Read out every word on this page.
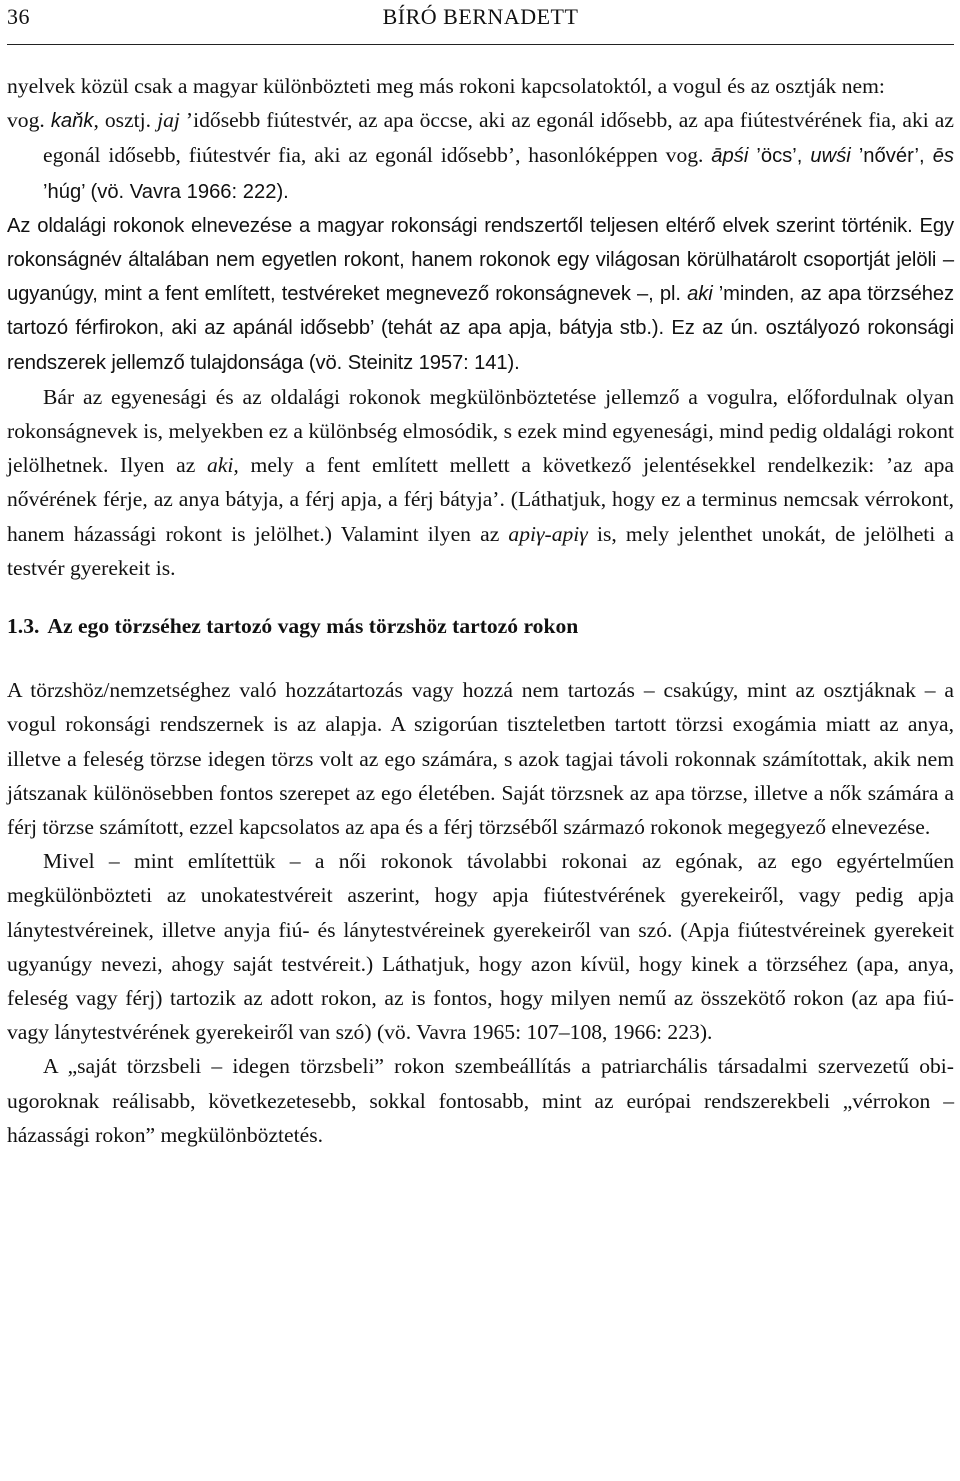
36	BÍRÓ BERNADETT

nyelvek közül csak a magyar különbözteti meg más rokoni kapcsolatoktól, a vogul és az osztják nem:

vog. kaňk, osztj. jaj ’idősebb fiútestvér, az apa öccse, aki az egonál idősebb, az apa fiútestvérének fia, aki az egonál idősebb, fiútestvér fia, aki az egonál idősebb’, hasonlóképpen vog. āpśi ’öcs’, uwśi ’nővér’, ēs ’húg’ (vö. Vavra 1966: 222).

Az oldalági rokonok elnevezése a magyar rokonsági rendszertől teljesen eltérő elvek szerint történik. Egy rokonságnév általában nem egyetlen rokont, hanem rokonok egy világosan körülhatárolt csoportját jelöli – ugyanúgy, mint a fent említett, testvéreket megnevező rokonságnevek –, pl. aki ’minden, az apa törzséhez tartozó férfirokon, aki az apánál idősebb’ (tehát az apa apja, bátyja stb.). Ez az ún. osztályozó rokonsági rendszerek jellemző tulajdonsága (vö. Steinitz 1957: 141).

Bár az egyenesági és az oldalági rokonok megkülönböztetése jellemző a vogulra, előfordulnak olyan rokonságnevek is, melyekben ez a különbség elmosódik, s ezek mind egyenesági, mind pedig oldalági rokont jelölhetnek. Ilyen az aki, mely a fent említett mellett a következő jelentésekkel rendelkezik: ’az apa nővérének férje, az anya bátyja, a férj apja, a férj bátyja’. (Láthatjuk, hogy ez a terminus nemcsak vérrokont, hanem házassági rokont is jelölhet.) Valamint ilyen az apiγ-apiγ is, mely jelenthet unokát, de jelölheti a testvér gyerekeit is.

1.3. Az ego törzséhez tartozó vagy más törzshöz tartozó rokon

A törzshöz/nemzetséghez való hozzátartozás vagy hozzá nem tartozás – csakúgy, mint az osztjáknak – a vogul rokonsági rendszernek is az alapja. A szigorúan tiszteletben tartott törzsi exogámia miatt az anya, illetve a feleség törzse idegen törzs volt az ego számára, s azok tagjai távoli rokonnak számítottak, akik nem játszanak különösebben fontos szerepet az ego életében. Saját törzsnek az apa törzse, illetve a nők számára a férj törzse számított, ezzel kapcsolatos az apa és a férj törzséből származó rokonok megegyező elnevezése.

Mivel – mint említettük – a női rokonok távolabbi rokonai az egónak, az ego egyértelműen megkülönbözteti az unokatestvéreit aszerint, hogy apja fiútestvérének gyerekeiről, vagy pedig apja lánytestvéreinek, illetve anyja fiú- és lánytestvéreinek gyerekeiről van szó. (Apja fiútestvéreinek gyerekeit ugyanúgy nevezi, ahogy saját testvéreit.) Láthatjuk, hogy azon kívül, hogy kinek a törzséhez (apa, anya, feleség vagy férj) tartozik az adott rokon, az is fontos, hogy milyen nemű az összekötő rokon (az apa fiú- vagy lánytestvérének gyerekeiről van szó) (vö. Vavra 1965: 107–108, 1966: 223).

A „saját törzsbeli – idegen törzsbeli” rokon szembeállítás a patriarchális társadalmi szervezetű obi-ugoroknak reálisabb, következetesebb, sokkal fontosabb, mint az európai rendszerekbeli „vérrokon – házassági rokon” megkülönböztetés.
